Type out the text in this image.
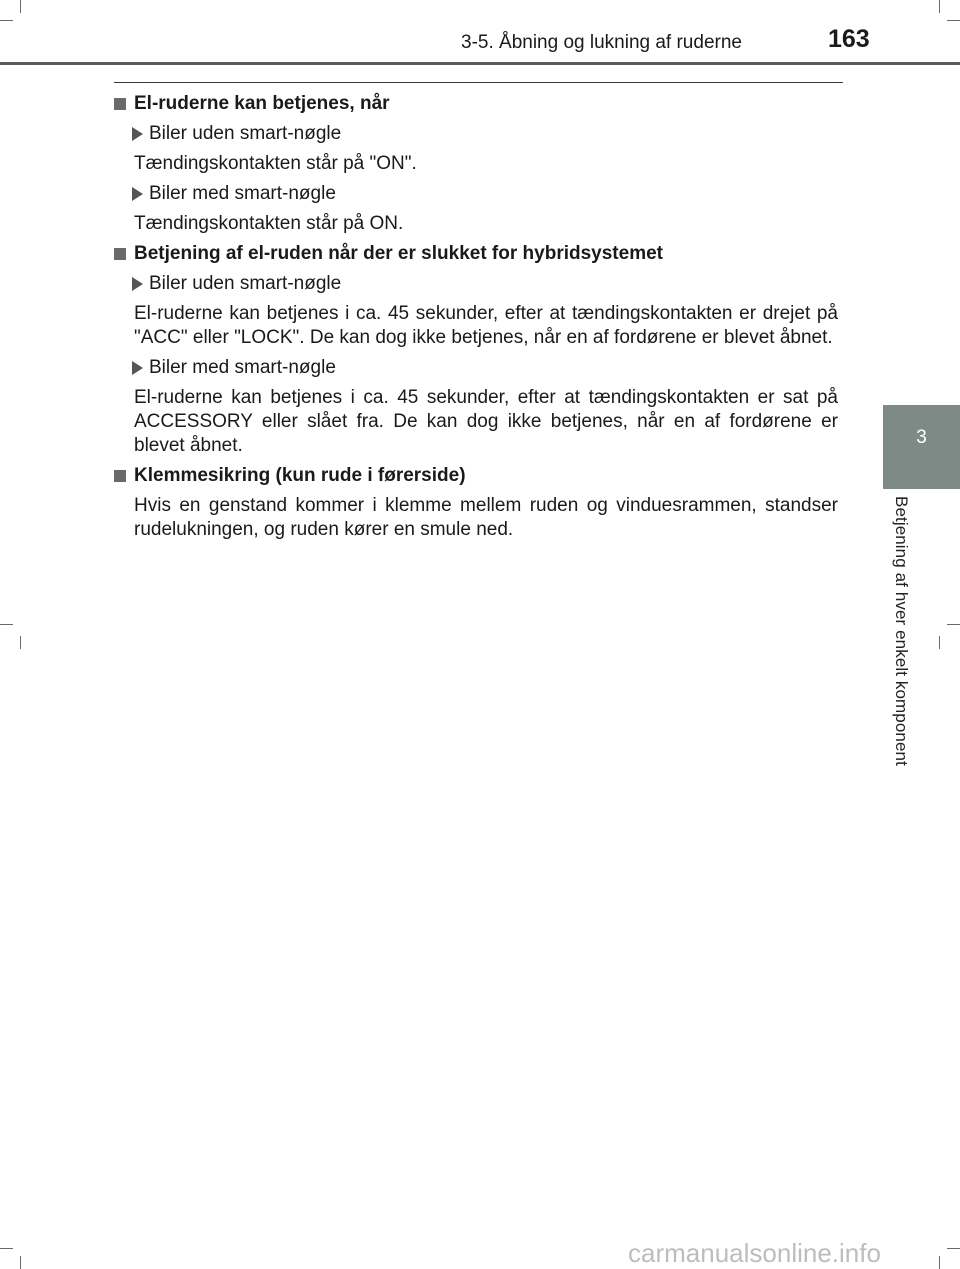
3-5. Åbning og lukning af ruderne	163
3
Betjening af hver enkelt komponent
El-ruderne kan betjenes, når
Biler uden smart-nøgle

Tændingskontakten står på "ON".

Biler med smart-nøgle

Tændingskontakten står på ON.

Betjening af el-ruden når der er slukket for hybridsystemet
Biler uden smart-nøgle

El-ruderne kan betjenes i ca. 45 sekunder, efter at tændingskontakten er drejet på "ACC" eller "LOCK". De kan dog ikke betjenes, når en af fordørene er blevet åbnet.

Biler med smart-nøgle

El-ruderne kan betjenes i ca. 45 sekunder, efter at tændingskontakten er sat på ACCESSORY eller slået fra. De kan dog ikke betjenes, når en af fordørene er blevet åbnet.

Klemmesikring (kun rude i førerside)

Hvis en genstand kommer i klemme mellem ruden og vinduesrammen, standser rudelukningen, og ruden kører en smule ned.

carmanualsonline.info
